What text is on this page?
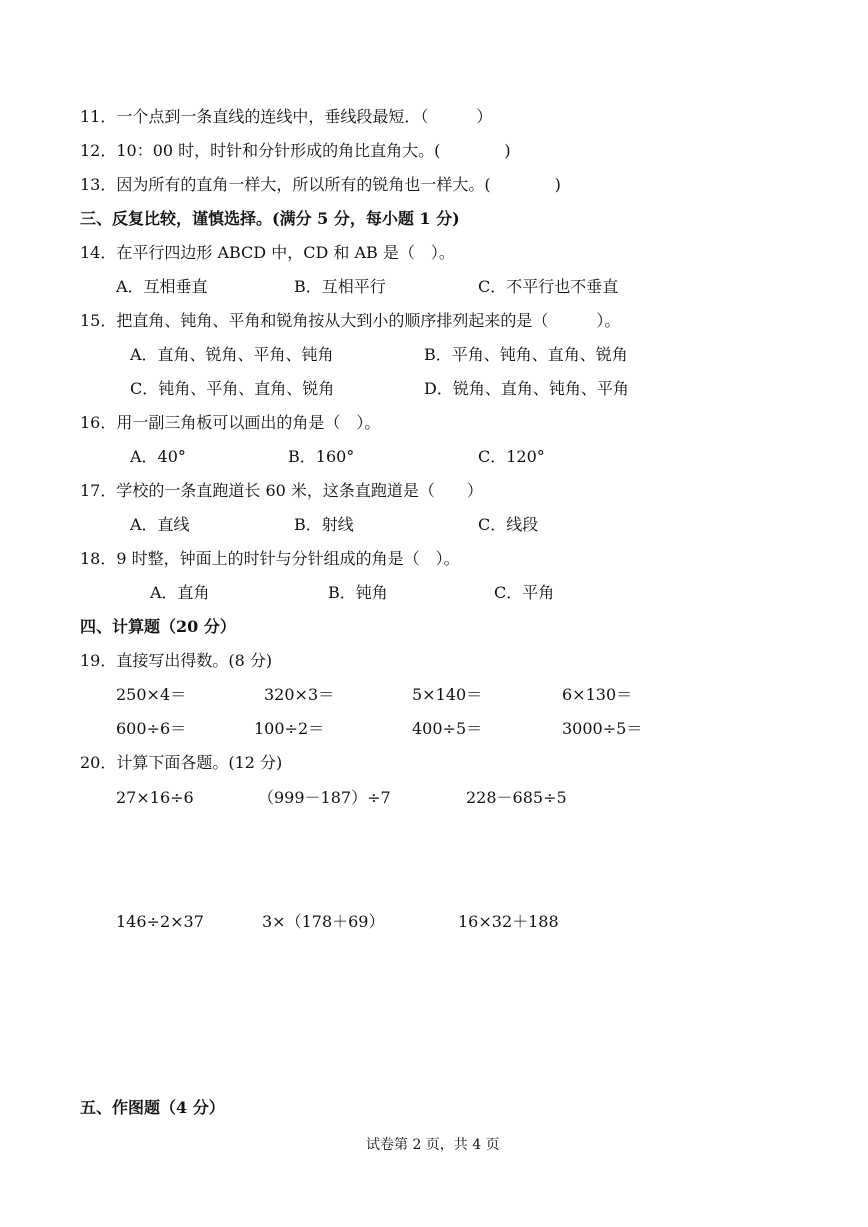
11．一个点到一条直线的连线中，垂线段最短．（　　　）
12．10：00 时，时针和分针形成的角比直角大。(　　　　)
13．因为所有的直角一样大，所以所有的锐角也一样大。(　　　　)
三、反复比较，谨慎选择。(满分 5 分，每小题 1 分)
14．在平行四边形 ABCD 中，CD 和 AB 是（　）。
A．互相垂直	B．互相平行	C．不平行也不垂直
15．把直角、钝角、平角和锐角按从大到小的顺序排列起来的是（　　　）。
A．直角、锐角、平角、钝角	B．平角、钝角、直角、锐角
C．钝角、平角、直角、锐角	D．锐角、直角、钝角、平角
16．用一副三角板可以画出的角是（　）。
A．40°	B．160°	C．120°
17．学校的一条直跑道长 60 米，这条直跑道是（　　）
A．直线	B．射线	C．线段
18．9 时整，钟面上的时针与分针组成的角是（　）。
A．直角	B．钝角	C．平角
四、计算题（20 分）
19．直接写出得数。(8 分)
250×4＝	320×3＝	5×140＝	6×130＝
600÷6＝	100÷2＝	400÷5＝	3000÷5＝
20．计算下面各题。(12 分)
27×16÷6	（999－187）÷7	228－685÷5
146÷2×37	3×（178＋69）	16×32＋188
五、作图题（4 分）
试卷第 2 页，共 4 页
